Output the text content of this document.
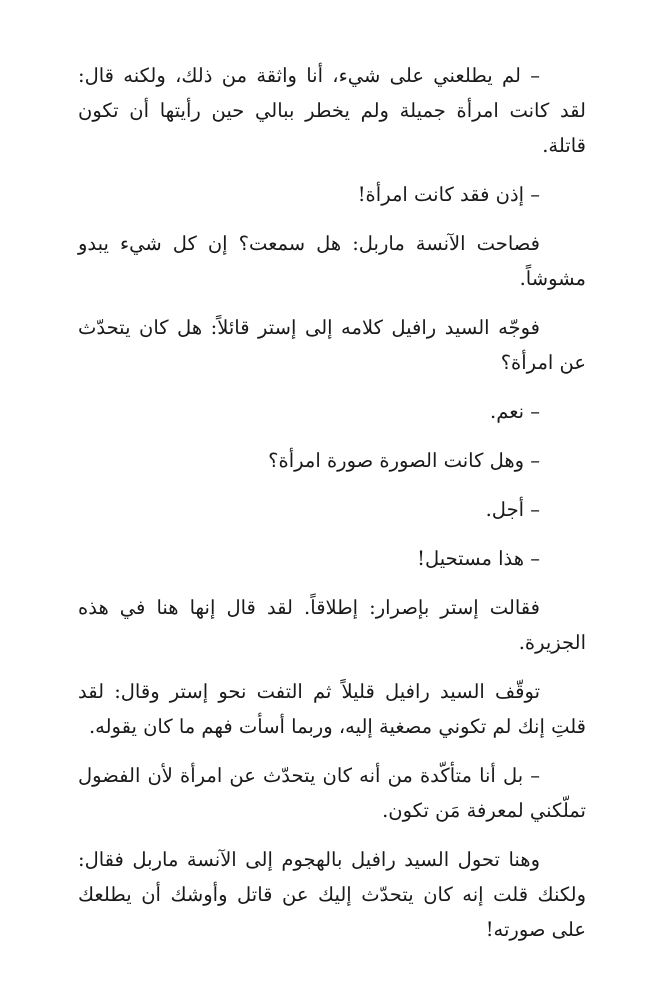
– لم يطلعني على شيء، أنا واثقة من ذلك، ولكنه قال: لقد كانت امرأة جميلة ولم يخطر ببالي حين رأيتها أن تكون قاتلة.

– إذن فقد كانت امرأة!

فصاحت الآنسة ماربل: هل سمعت؟ إن كل شيء يبدو مشوشاً.

فوجّه السيد رافيل كلامه إلى إستر قائلاً: هل كان يتحدّث عن امرأة؟

– نعم.

– وهل كانت الصورة صورة امرأة؟

– أجل.

– هذا مستحيل!

فقالت إستر بإصرار: إطلاقاً. لقد قال إنها هنا في هذه الجزيرة.

توقّف السيد رافيل قليلاً ثم التفت نحو إستر وقال: لقد قلتِ إنك لم تكوني مصغية إليه، وربما أسأت فهم ما كان يقوله.

– بل أنا متأكّدة من أنه كان يتحدّث عن امرأة لأن الفضول تملّكني لمعرفة مَن تكون.

وهنا تحول السيد رافيل بالهجوم إلى الآنسة ماربل فقال: ولكنك قلت إنه كان يتحدّث إليك عن قاتل وأوشك أن يطلعك على صورته!
